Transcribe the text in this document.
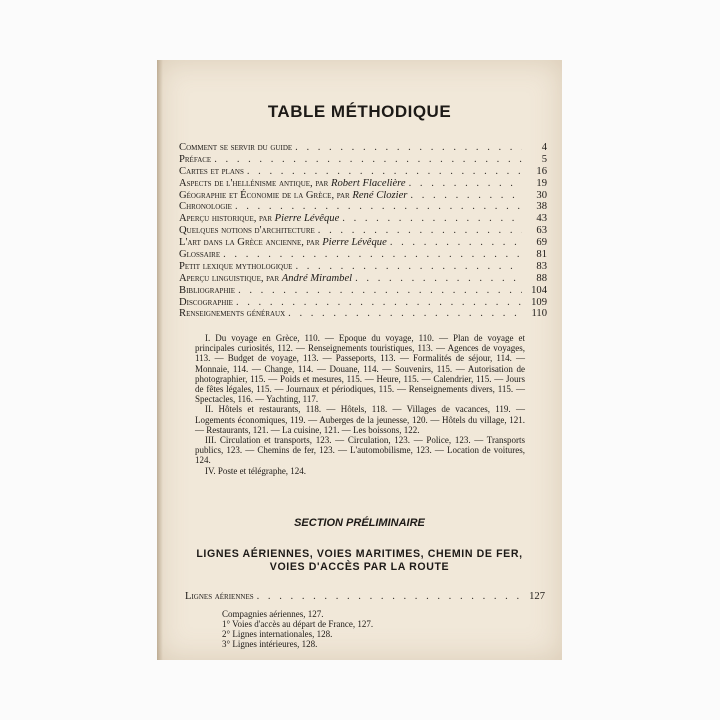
TABLE MÉTHODIQUE
Comment se servir du guide . . .	4
Préface . . .	5
Cartes et plans . . .	16
Aspects de l'hellénisme antique, par Robert Flacelière . . .	19
Géographie et Économie de la Grèce, par René Clozier . . .	30
Chronologie . . .	38
Aperçu historique, par Pierre Lévêque . . .	43
Quelques notions d'architecture . . .	63
L'art dans la Grèce ancienne, par Pierre Lévêque . . .	69
Glossaire . . .	81
Petit lexique mythologique . . .	83
Aperçu linguistique, par André Mirambel . . .	88
Bibliographie . . .	104
Discographie . . .	109
Renseignements généraux . . .	110

I. Du voyage en Grèce, 110. — Epoque du voyage, 110. — Plan de voyage et principales curiosités, 112. — Renseignements touristiques, 113. — Agences de voyages, 113. — Budget de voyage, 113. — Passeports, 113. — Formalités de séjour, 114. — Monnaie, 114. — Change, 114. — Douane, 114. — Souvenirs, 115. — Autorisation de photographier, 115. — Poids et mesures, 115. — Heure, 115. — Calendrier, 115. — Jours de fêtes légales, 115. — Journaux et périodiques, 115. — Renseignements divers, 115. — Spectacles, 116. — Yachting, 117.

II. Hôtels et restaurants, 118. — Hôtels, 118. — Villages de vacances, 119. — Logements économiques, 119. — Auberges de la jeunesse, 120. — Hôtels du village, 121. — Restaurants, 121. — La cuisine, 121. — Les boissons, 122.

III. Circulation et transports, 123. — Circulation, 123. — Police, 123. — Transports publics, 123. — Chemins de fer, 123. — L'automobilisme, 123. — Location de voitures, 124.

IV. Poste et télégraphe, 124.

SECTION PRÉLIMINAIRE
LIGNES AÉRIENNES, VOIES MARITIMES, CHEMIN DE FER, VOIES D'ACCÈS PAR LA ROUTE
Lignes aériennes . . .	127
Compagnies aériennes, 127.
1° Voies d'accès au départ de France, 127.
2° Lignes internationales, 128.
3° Lignes intérieures, 128.
